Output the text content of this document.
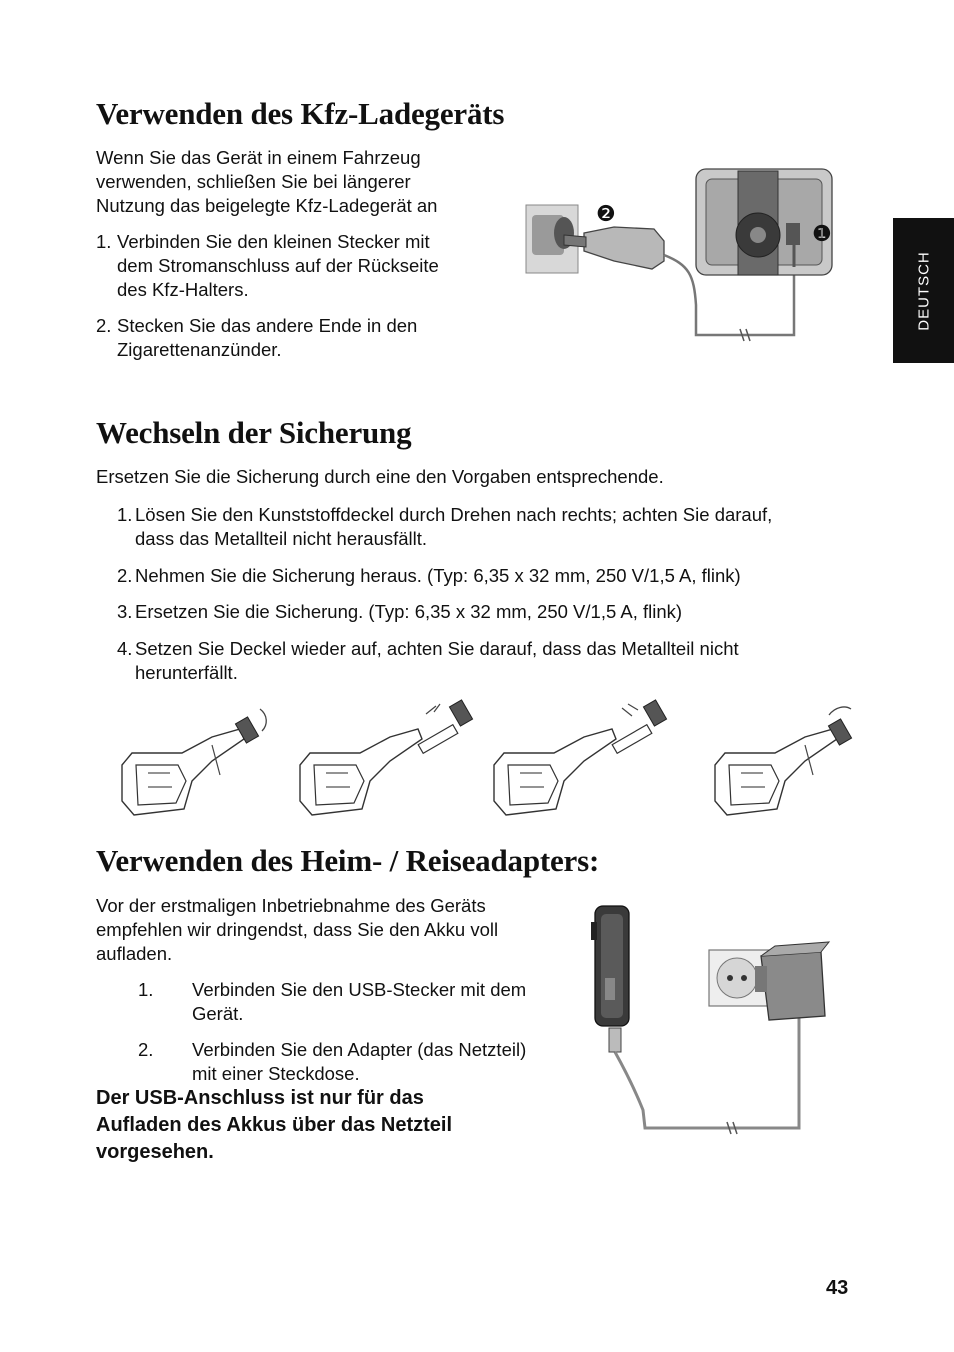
DEUTSCH
Verwenden des Kfz-Ladegeräts
Wenn Sie das Gerät in einem Fahrzeug
verwenden, schließen Sie bei längerer
Nutzung das beigelegte Kfz-Ladegerät an
1. Verbinden Sie den kleinen Stecker mit
dem Stromanschluss auf der Rückseite
des Kfz-Halters.
2. Stecken Sie das andere Ende in den
Zigarettenanzünder.
❷
❶
Wechseln der Sicherung
Ersetzen Sie die Sicherung durch eine den Vorgaben entsprechende.
1. Lösen Sie den Kunststoffdeckel durch Drehen nach rechts; achten Sie darauf,
dass das Metallteil nicht herausfällt.
2. Nehmen Sie die Sicherung heraus. (Typ: 6,35 x 32 mm, 250 V/1,5 A, flink)
3. Ersetzen Sie die Sicherung. (Typ: 6,35 x 32 mm, 250 V/1,5 A, flink)
4. Setzen Sie Deckel wieder auf, achten Sie darauf, dass das Metallteil nicht
herunterfällt.
Verwenden des Heim- / Reiseadapters:
Vor der erstmaligen Inbetriebnahme des Geräts
empfehlen wir dringendst, dass Sie den Akku voll
aufladen.
1. Verbinden Sie den USB-Stecker mit dem
Gerät.
2. Verbinden Sie den Adapter (das Netzteil)
mit einer Steckdose.
Der USB-Anschluss ist nur für das
Aufladen des Akkus über das Netzteil
vorgesehen.
43
